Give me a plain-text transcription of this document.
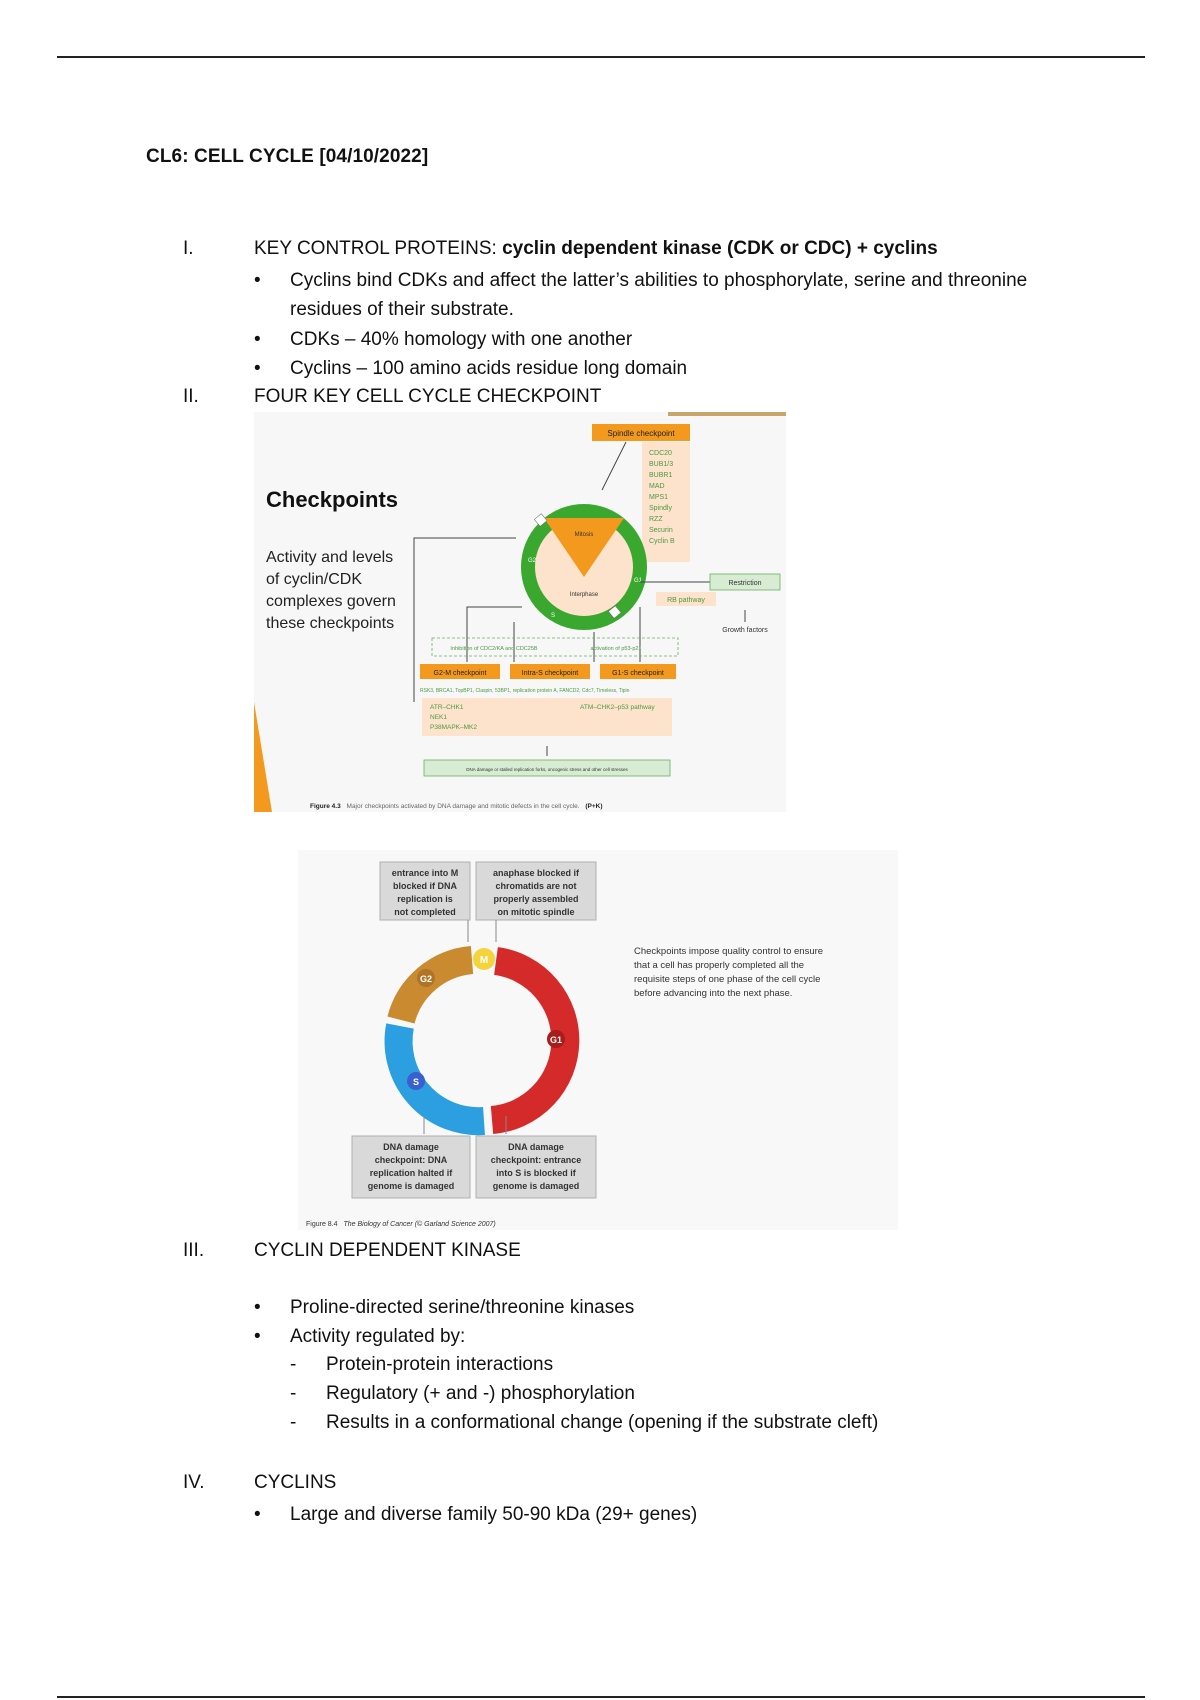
CL6: CELL CYCLE [04/10/2022]
I.	KEY CONTROL PROTEINS: cyclin dependent kinase (CDK or CDC) + cyclins
•	Cyclins bind CDKs and affect the latter’s abilities to phosphorylate, serine and threonine residues of their substrate.
•	CDKs – 40% homology with one another
•	Cyclins – 100 amino acids residue long domain
II.	FOUR KEY CELL CYCLE CHECKPOINT
Checkpoints
Activity and levels
of cyclin/CDK
complexes govern
these checkpoints
Spindle checkpoint
CDC20
BUB1/3
BUBR1
MAD
MPS1
Spindly
RZZ
Securin
Cyclin B
Mitosis
Interphase
M
G2
S
G1	Restriction
RB pathway
Growth factors
Inhibition of CDC2/KA and CDC25B	activation of p53-p21
G2-M checkpoint	Intra-S checkpoint	G1-S checkpoint
RSK3, BRCA1, TopBP1, Claspin, 53BP1, replication protein A, FANCD2, Cdc7, Timeless, Tipin
ATR–CHK1
NEK1
P38MAPK–MK2
ATM–CHK2–p53 pathway
DNA damage or stalled replication forks, oncogenic stress and other cell stresses
Figure 4.3 Major checkpoints activated by DNA damage and mitotic defects in the cell cycle. (P+K)
entrance into M
blocked if DNA
replication is
not completed
anaphase blocked if
chromatids are not
properly assembled
on mitotic spindle
M
G2
S
G1
DNA damage
checkpoint: DNA
replication halted if
genome is damaged
DNA damage
checkpoint: entrance
into S is blocked if
genome is damaged
Checkpoints impose quality control to ensure
that a cell has properly completed all the
requisite steps of one phase of the cell cycle
before advancing into the next phase.
Figure 8.4 The Biology of Cancer (© Garland Science 2007)
III.	CYCLIN DEPENDENT KINASE
•	Proline-directed serine/threonine kinases
•	Activity regulated by:
- Protein-protein interactions
- Regulatory (+ and -) phosphorylation
- Results in a conformational change (opening if the substrate cleft)
IV.	CYCLINS
•	Large and diverse family 50-90 kDa (29+ genes)
